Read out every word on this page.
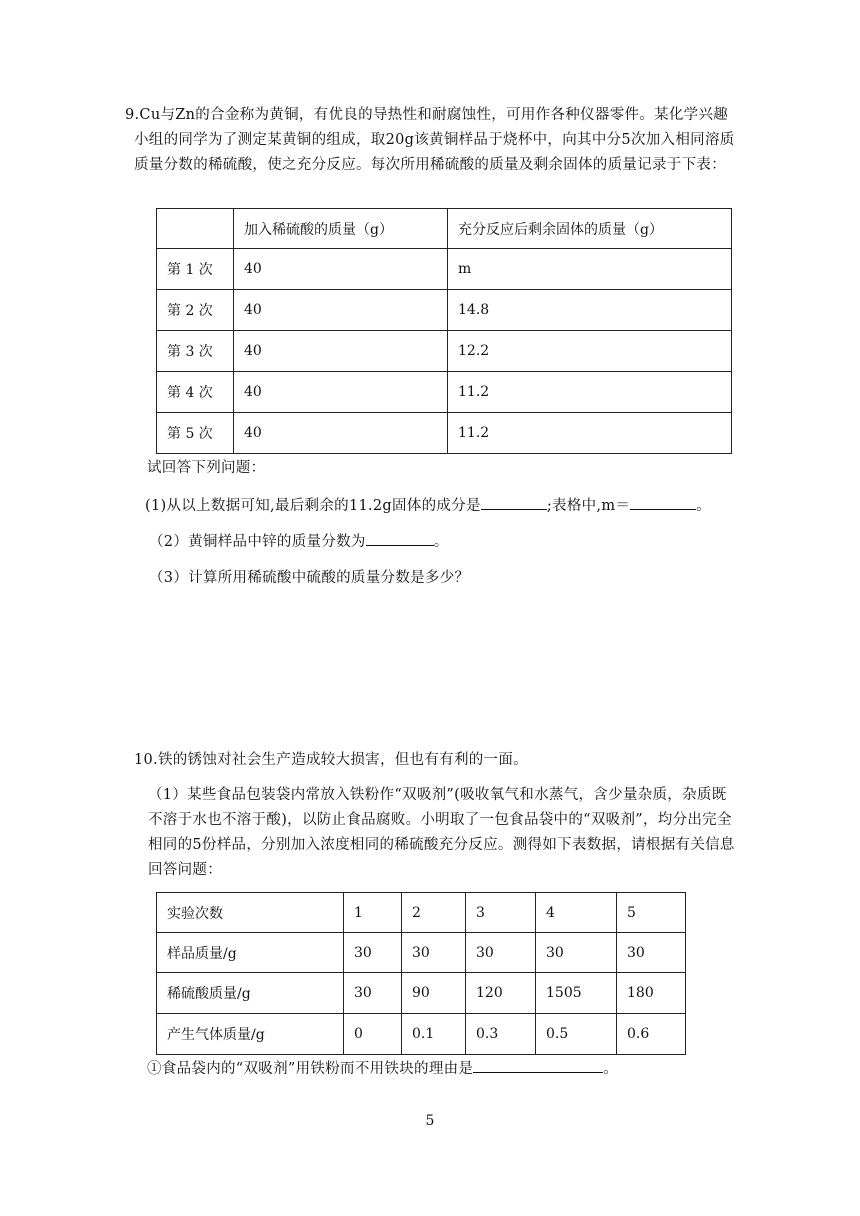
9.Cu与Zn的合金称为黄铜，有优良的导热性和耐腐蚀性，可用作各种仪器零件。某化学兴趣小组的同学为了测定某黄铜的组成，取20g该黄铜样品于烧杯中，向其中分5次加入相同溶质质量分数的稀硫酸，使之充分反应。每次所用稀硫酸的质量及剩余固体的质量记录于下表：

	加入稀硫酸的质量（g）	充分反应后剩余固体的质量（g）
第 1 次	40	m
第 2 次	40	14.8
第 3 次	40	12.2
第 4 次	40	11.2
第 5 次	40	11.2
试回答下列问题：
(1)从以上数据可知,最后剩余的11.2g固体的成分是	;表格中,m＝	。
（2）黄铜样品中锌的质量分数为	。
（3）计算所用稀硫酸中硫酸的质量分数是多少？
10.铁的锈蚀对社会生产造成较大损害，但也有有利的一面。

（1）某些食品包装袋内常放入铁粉作“双吸剂”(吸收氧气和水蒸气，含少量杂质，杂质既不溶于水也不溶于酸)，以防止食品腐败。小明取了一包食品袋中的“双吸剂”，均分出完全相同的5份样品，分别加入浓度相同的稀硫酸充分反应。测得如下表数据，请根据有关信息回答问题：

实验次数	1	2	3	4	5
样品质量/g	30	30	30	30	30
稀硫酸质量/g	30	90	120	1505	180
产生气体质量/g	0	0.1	0.3	0.5	0.6
①食品袋内的“双吸剂”用铁粉而不用铁块的理由是	。
5
